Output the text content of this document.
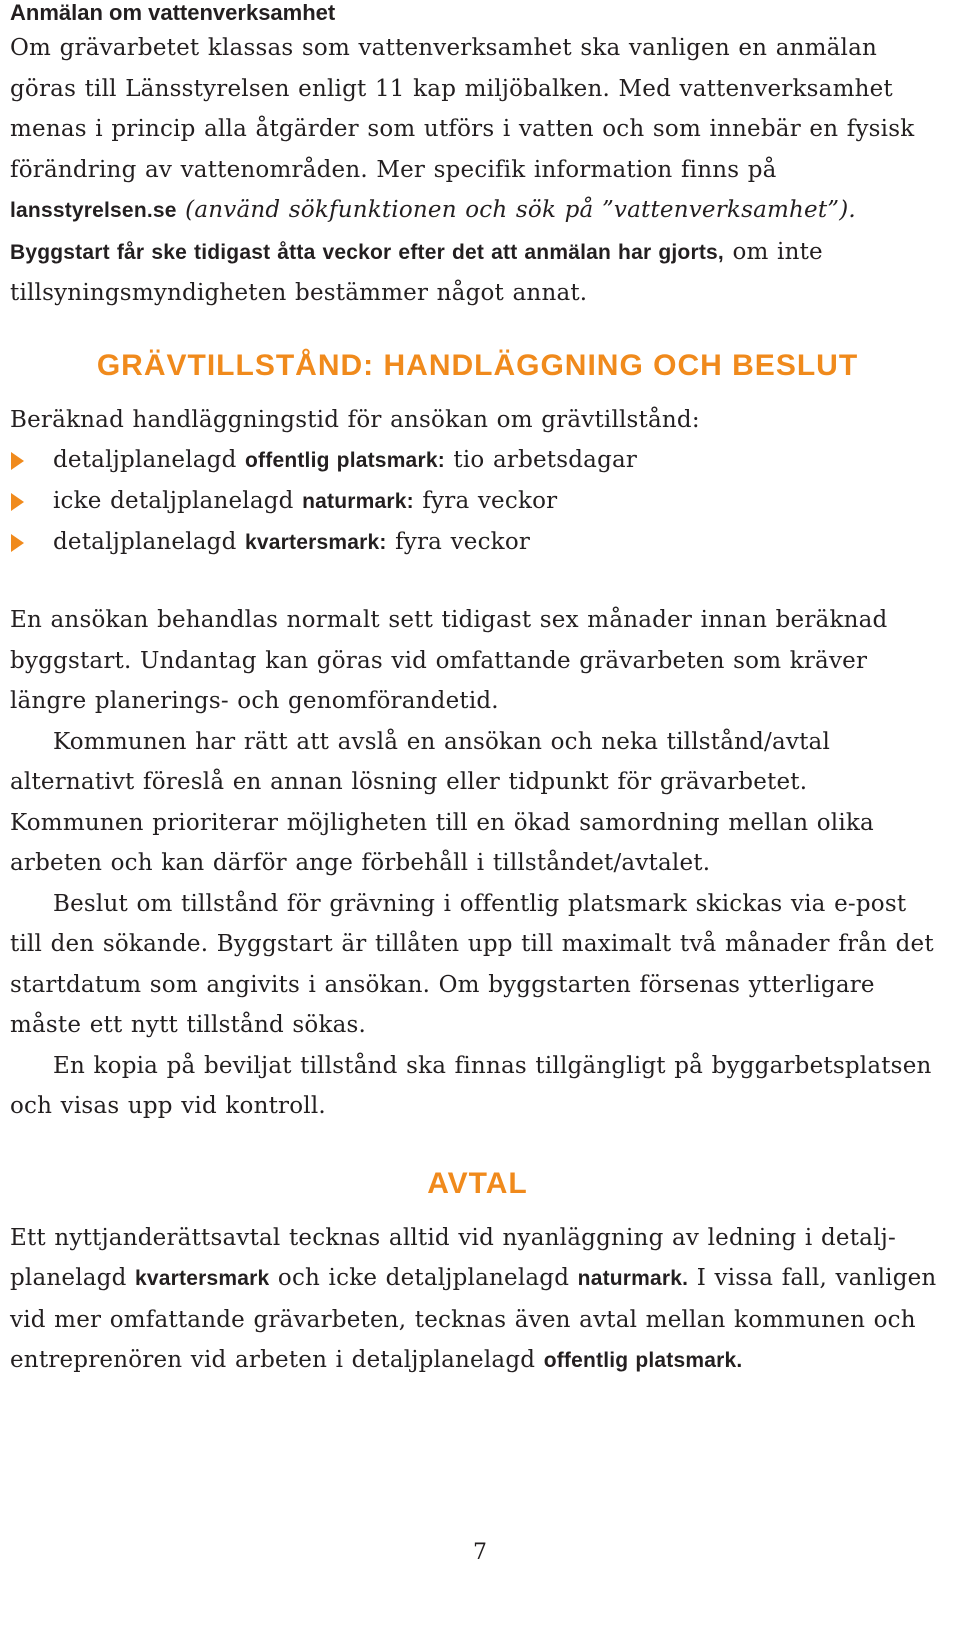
Anmälan om vattenverksamhet

Om grävarbetet klassas som vattenverksamhet ska vanligen en anmälan göras till Länsstyrelsen enligt 11 kap miljöbalken. Med vattenverksamhet menas i princip alla åtgärder som utförs i vatten och som innebär en fysisk förändring av vattenområden. Mer specifik information finns på lansstyrelsen.se (använd sökfunktionen och sök på ”vattenverksamhet”). Byggstart får ske tidigast åtta veckor efter det att anmälan har gjorts, om inte tillsyningsmyndigheten bestämmer något annat.

GRÄVTILLSTÅND: HANDLÄGGNING OCH BESLUT

Beräknad handläggningstid för ansökan om grävtillstånd:

detaljplanelagd offentlig platsmark: tio arbetsdagar
icke detaljplanelagd naturmark: fyra veckor
detaljplanelagd kvartersmark: fyra veckor

En ansökan behandlas normalt sett tidigast sex månader innan beräknad byggstart. Undantag kan göras vid omfattande grävarbeten som kräver längre planerings- och genomförandetid.

Kommunen har rätt att avslå en ansökan och neka tillstånd/avtal alternativt föreslå en annan lösning eller tidpunkt för grävarbetet. Kommunen prioriterar möjligheten till en ökad samordning mellan olika arbeten och kan därför ange förbehåll i tillståndet/avtalet.

Beslut om tillstånd för grävning i offentlig platsmark skickas via e-post till den sökande. Byggstart är tillåten upp till maximalt två månader från det startdatum som angivits i ansökan. Om byggstarten försenas ytterligare måste ett nytt tillstånd sökas.

En kopia på beviljat tillstånd ska finnas tillgängligt på byggarbetsplatsen och visas upp vid kontroll.

AVTAL

Ett nyttjanderättsavtal tecknas alltid vid nyanläggning av ledning i detalj-planelagd kvartersmark och icke detaljplanelagd naturmark. I vissa fall, vanligen vid mer omfattande grävarbeten, tecknas även avtal mellan kommunen och entreprenören vid arbeten i detaljplanelagd offentlig platsmark.

7
